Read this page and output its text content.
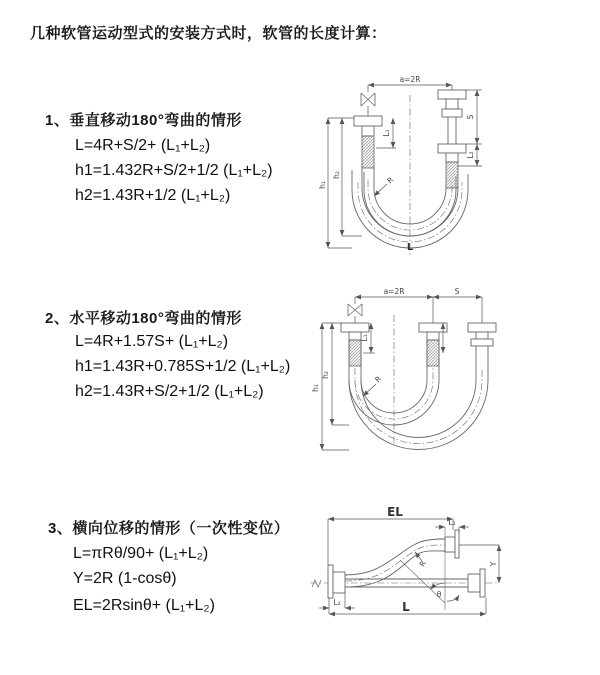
几种软管运动型式的安装方式时，软管的长度计算：
1、垂直移动180°弯曲的情形
L=4R+S/2+ (L₁+L₂)
h1=1.432R+S/2+1/2 (L₁+L₂)
h2=1.43R+1/2 (L₁+L₂)
2、水平移动180°弯曲的情形
L=4R+1.57S+ (L₁+L₂)
h1=1.43R+0.785S+1/2 (L₁+L₂)
h2=1.43R+S/2+1/2 (L₁+L₂)
3、横向位移的情形（一次性变位）
L=πRθ/90+ (L₁+L₂)
Y=2R (1-cosθ)
EL=2Rsinθ+ (L₁+L₂)
a=2R
L₁
S
L₂
h₁
h₂
R
L
a=2R	S
L₁
h₁
h₂	R
EL
L₁
Y
R
θ
L
L₂
